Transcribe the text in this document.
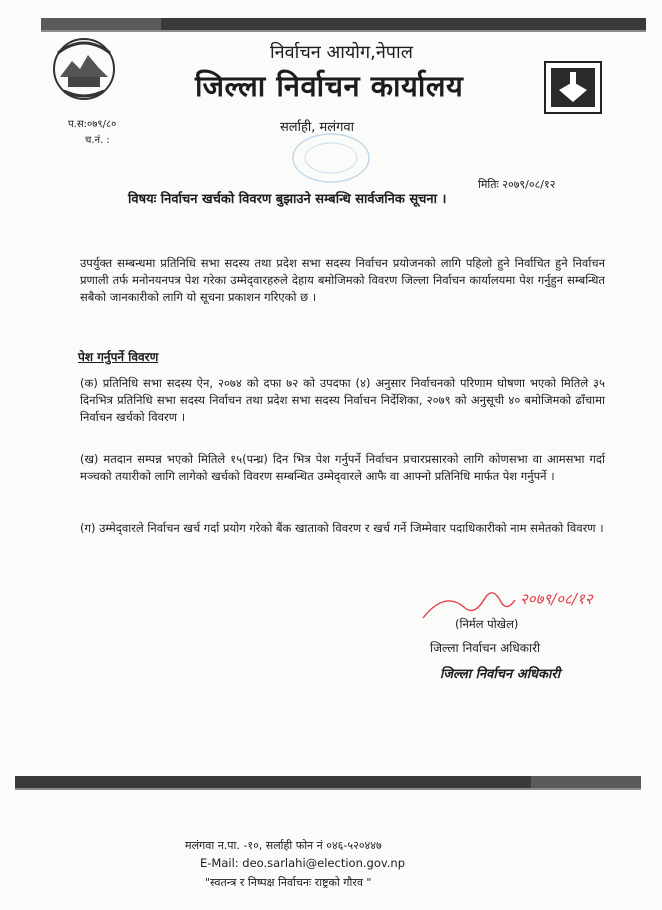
निर्वाचन आयोग,नेपाल
जिल्ला निर्वाचन कार्यालय
प.स:०७९/८०
च.नं. :
सर्लाही, मलंगवा
मितिः २०७९/०८/१२
विषयः निर्वाचन खर्चको विवरण बुझाउने सम्बन्धि सार्वजनिक सूचना ।
उपर्युक्त सम्बन्धमा प्रतिनिधि सभा सदस्य तथा प्रदेश सभा सदस्य निर्वाचन प्रयोजनको लागि पहिलो हुने निर्वाचित हुने निर्वाचन प्रणाली तर्फ मनोनयनपत्र पेश गरेका उम्मेद्‌वारहरुले देहाय बमोजिमको विवरण जिल्ला निर्वाचन कार्यालयमा पेश गर्नुहुन सम्बन्धित सबैको जानकारीको लागि यो सूचना प्रकाशन गरिएको छ ।
पेश गर्नुपर्ने विवरण
(क) प्रतिनिधि सभा सदस्य ऐन, २०७४ को दफा ७२ को उपदफा (४) अनुसार निर्वाचनको परिणाम घोषणा भएको मितिले ३५ दिनभित्र प्रतिनिधि सभा सदस्य निर्वाचन तथा प्रदेश सभा सदस्य निर्वाचन निर्देशिका, २०७९ को अनुसूची ४० बमोजिमको ढाँचामा निर्वाचन खर्चको विवरण ।
(ख) मतदान सम्पन्न भएको मितिले १५(पन्ध्र) दिन भित्र पेश गर्नुपर्ने निर्वाचन प्रचारप्रसारको लागि कोणसभा वा आमसभा गर्दा मञ्चको तयारीको लागि लागेको खर्चको विवरण सम्बन्धित उम्मेद्‌वारले आफै वा आफ्नो प्रतिनिधि मार्फत पेश गर्नुपर्ने ।
(ग) उम्मेद्‌वारले निर्वाचन खर्च गर्दा प्रयोग गरेको बैंक खाताको विवरण र खर्च गर्ने जिम्मेवार पदाधिकारीको नाम समेतको विवरण ।
२०७९/०८/१२
(निर्मल पोखेल)
जिल्ला निर्वाचन अधिकारी
जिल्ला निर्वाचन अधिकारी
मलंगवा न.पा. -१०, सर्लाही फोन नं ०४६-५२०४४७
E-Mail: deo.sarlahi@election.gov.np
"स्वतन्त्र र निष्पक्ष निर्वाचनः राष्ट्रको गौरव "
